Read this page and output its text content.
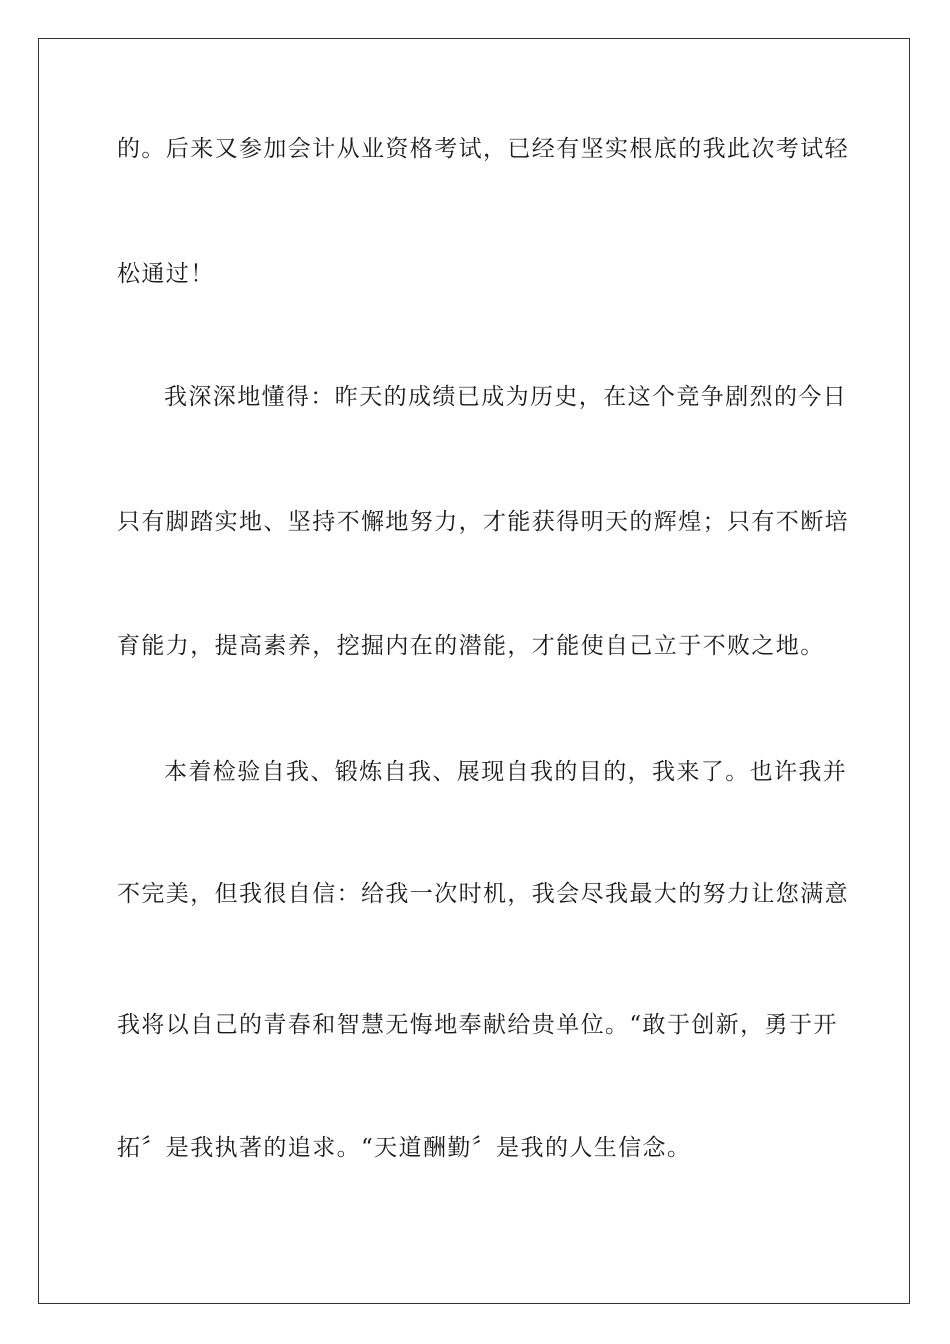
的。后来又参加会计从业资格考试，已经有坚实根底的我此次考试轻
松通过！
我深深地懂得：昨天的成绩已成为历史，在这个竞争剧烈的今日
只有脚踏实地、坚持不懈地努力，才能获得明天的辉煌；只有不断培
育能力，提高素养，挖掘内在的潜能，才能使自己立于不败之地。
本着检验自我、锻炼自我、展现自我的目的，我来了。也许我并
不完美，但我很自信：给我一次时机，我会尽我最大的努力让您满意
我将以自己的青春和智慧无悔地奉献给贵单位。“敢于创新，勇于开
拓〞是我执著的追求。“天道酬勤〞是我的人生信念。
